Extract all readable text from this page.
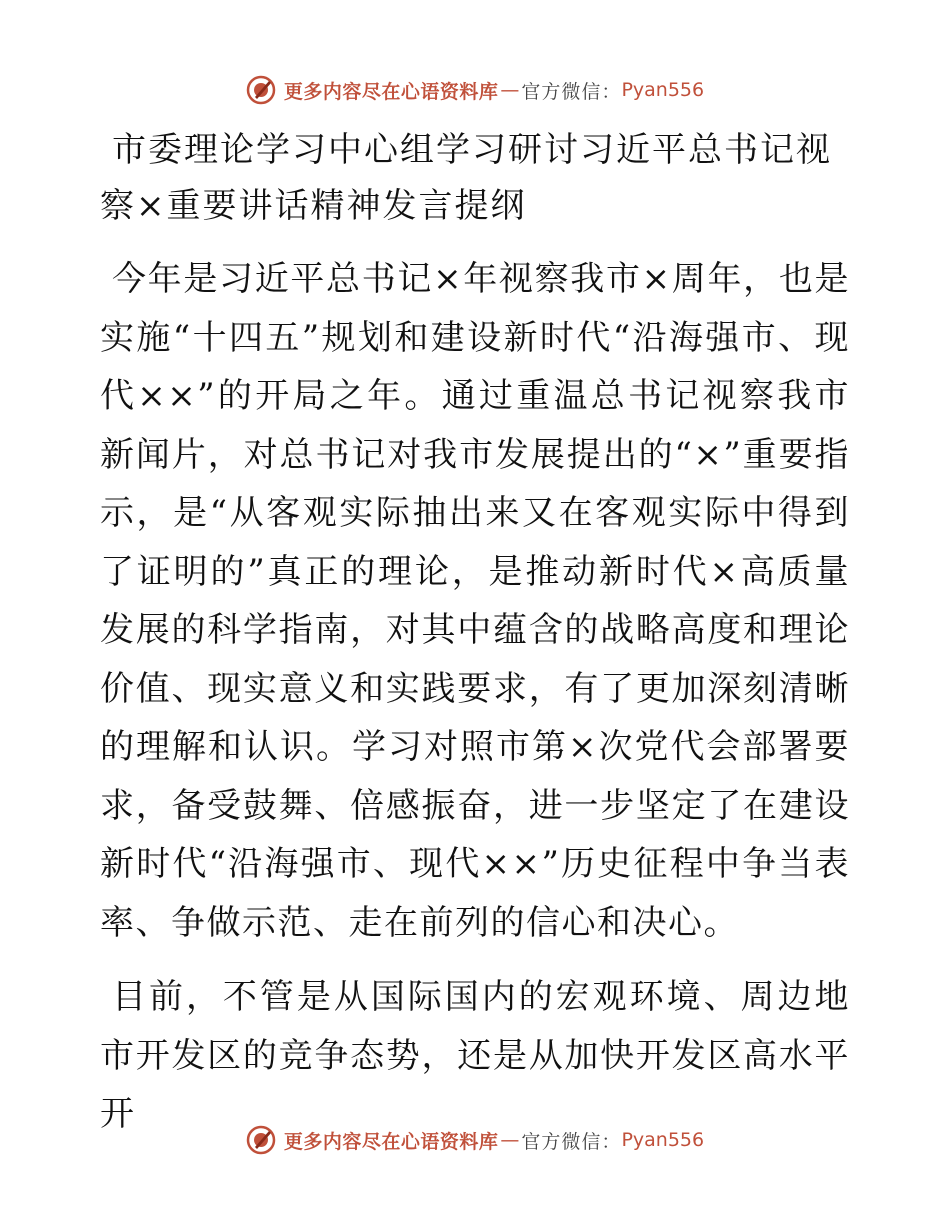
更多内容尽在心语资料库 — 官方微信： Pyan556
市委理论学习中心组学习研讨习近平总书记视察×重要讲话精神发言提纲

今年是习近平总书记×年视察我市×周年，也是实施“十四五”规划和建设新时代“沿海强市、现代××”的开局之年。通过重温总书记视察我市新闻片，对总书记对我市发展提出的“×”重要指示，是“从客观实际抽出来又在客观实际中得到了证明的”真正的理论，是推动新时代×高质量发展的科学指南，对其中蕴含的战略高度和理论价值、现实意义和实践要求，有了更加深刻清晰的理解和认识。学习对照市第×次党代会部署要求，备受鼓舞、倍感振奋，进一步坚定了在建设新时代“沿海强市、现代××”历史征程中争当表率、争做示范、走在前列的信心和决心。

目前，不管是从国际国内的宏观环境、周边地市开发区的竞争态势，还是从加快开发区高水平开

更多内容尽在心语资料库 — 官方微信： Pyan556
